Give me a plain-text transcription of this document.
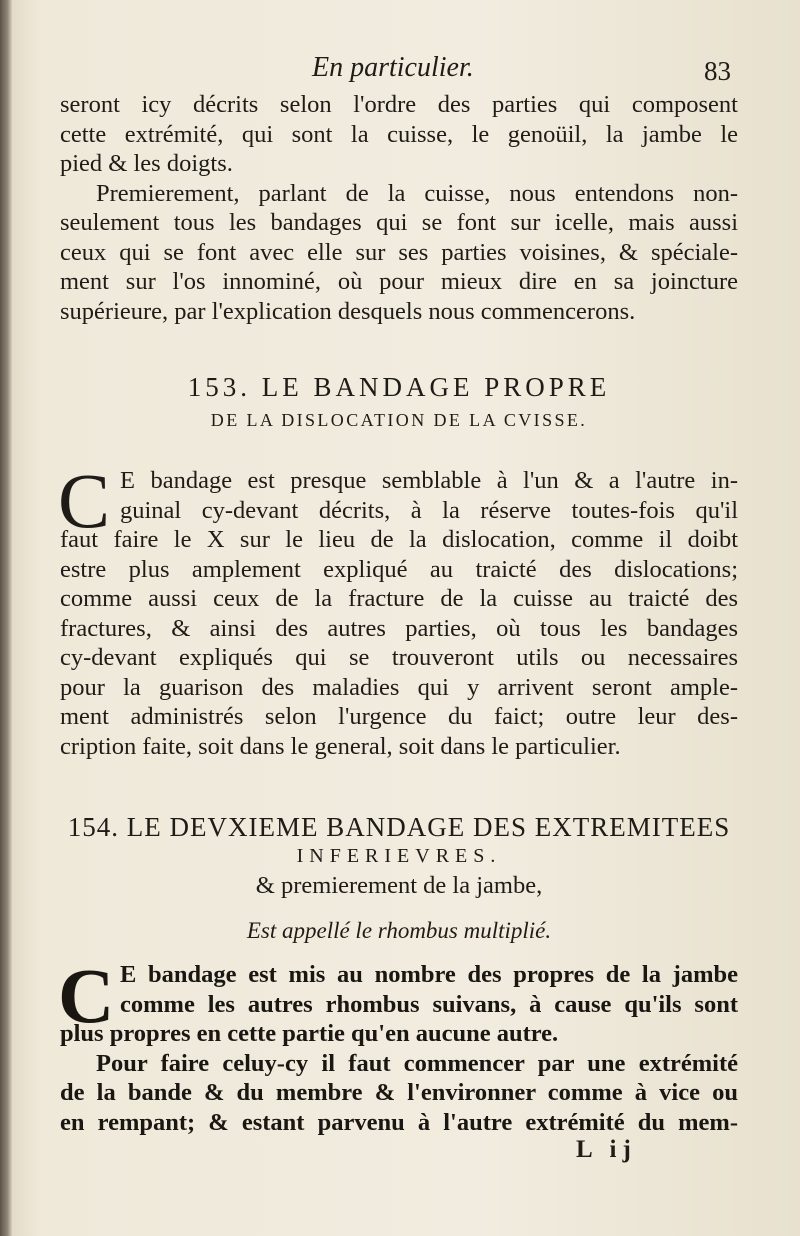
En particulier.	83
seront icy décrits selon l'ordre des parties qui composent
cette extrémité, qui sont la cuisse, le genoüil, la jambe le
pied & les doigts.
Premierement, parlant de la cuisse, nous entendons non-
seulement tous les bandages qui se font sur icelle, mais aussi
ceux qui se font avec elle sur ses parties voisines, & spéciale-
ment sur l'os innominé, où pour mieux dire en sa joincture
supérieure, par l'explication desquels nous commencerons.
153. LE BANDAGE PROPRE
DE LA DISLOCATION DE LA CVISSE.
C E bandage est presque semblable à l'un & a l'autre in-
guinal cy-devant décrits, à la réserve toutes-fois qu'il
faut faire le X sur le lieu de la dislocation, comme il doibt
estre plus amplement expliqué au traicté des dislocations;
comme aussi ceux de la fracture de la cuisse au traicté des
fractures, & ainsi des autres parties, où tous les bandages
cy-devant expliqués qui se trouveront utils ou necessaires
pour la guarison des maladies qui y arrivent seront ample-
ment administrés selon l'urgence du faict; outre leur des-
cription faite, soit dans le general, soit dans le particulier.
154. LE DEVXIEME BANDAGE DES EXTREMITEES
INFERIEVRES.
& premierement de la jambe,
Est appellé le rhombus multiplié.
C E bandage est mis au nombre des propres de la jambe
comme les autres rhombus suivans, à cause qu'ils sont
plus propres en cette partie qu'en aucune autre.
Pour faire celuy-cy il faut commencer par une extrémité
de la bande & du membre & l'environner comme à vice ou
en rempant; & estant parvenu à l'autre extrémité du mem-
L ij
